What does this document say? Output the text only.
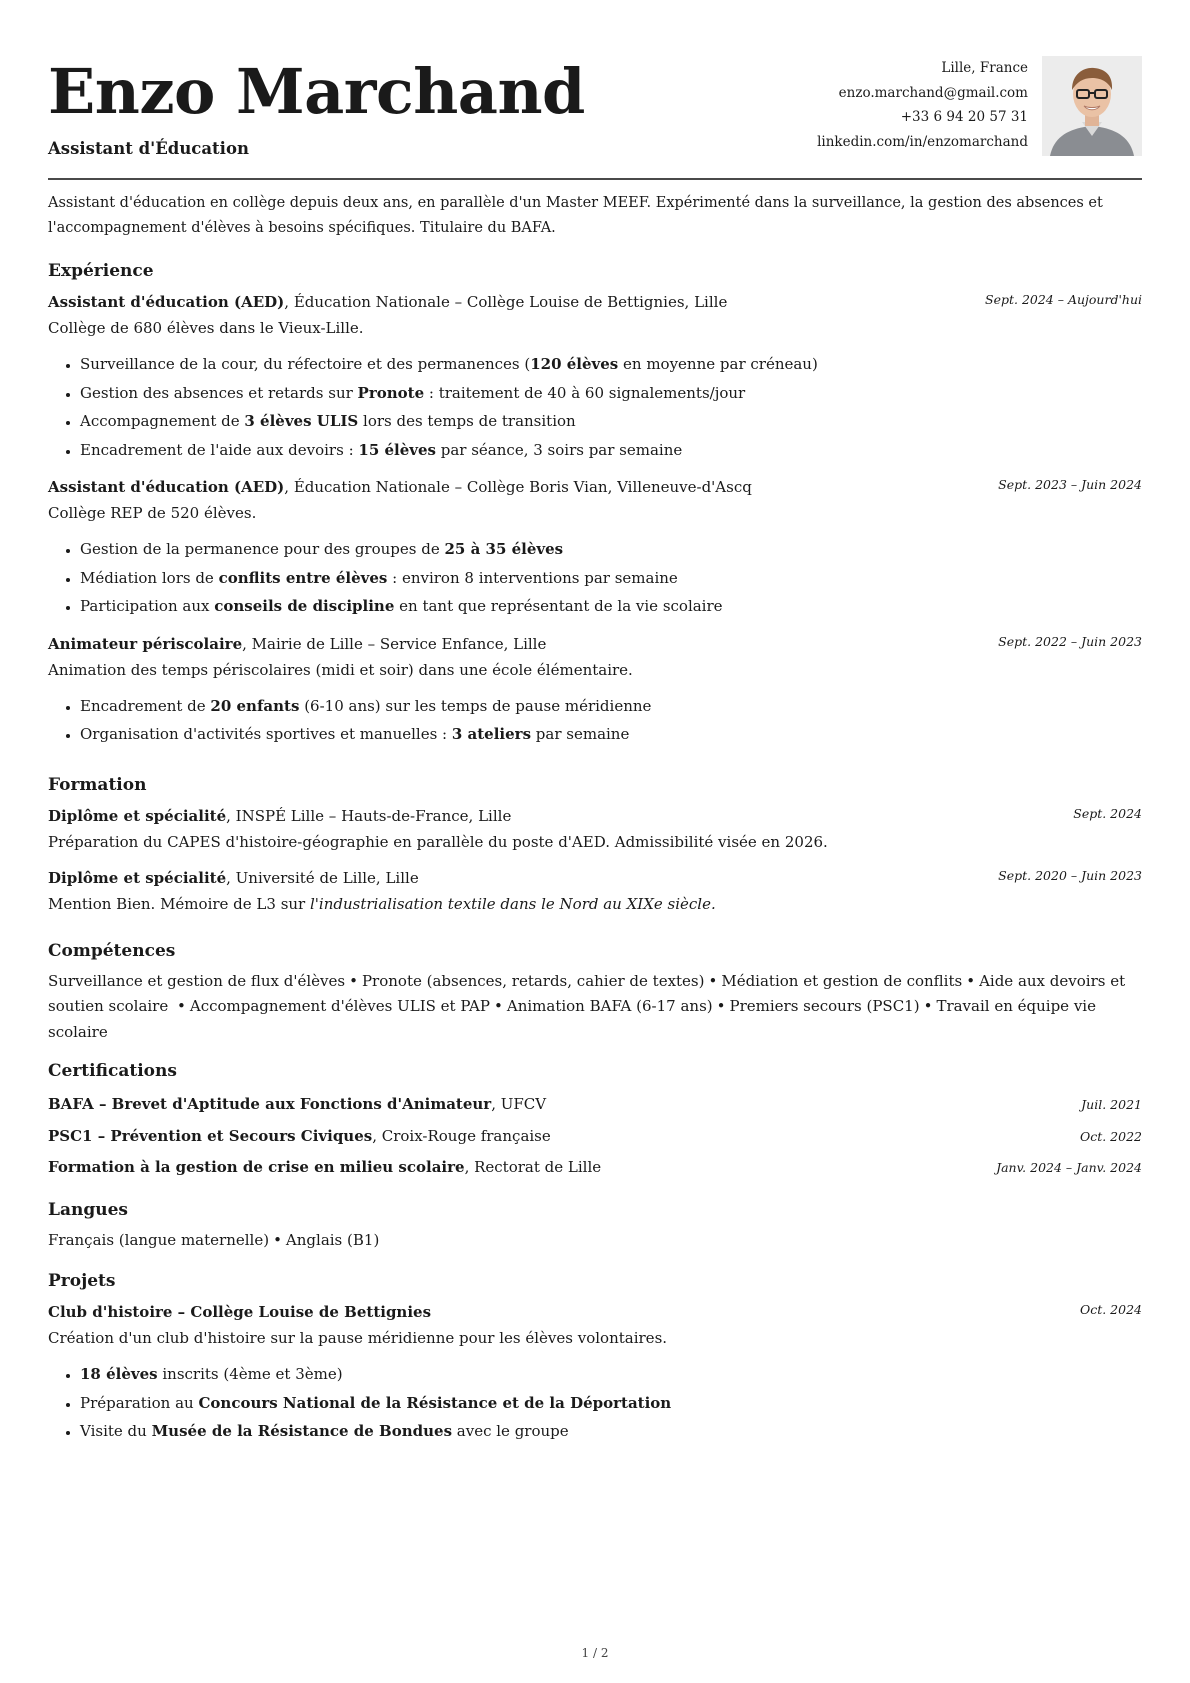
Enzo Marchand
Assistant d'Éducation
Lille, France
enzo.marchand@gmail.com
+33 6 94 20 57 31
linkedin.com/in/enzomarchand

Assistant d'éducation en collège depuis deux ans, en parallèle d'un Master MEEF. Expérimenté dans la surveillance, la gestion des absences et l'accompagnement d'élèves à besoins spécifiques. Titulaire du BAFA.

Expérience
Assistant d'éducation (AED), Éducation Nationale – Collège Louise de Bettignies, Lille	Sept. 2024 – Aujourd'hui
Collège de 680 élèves dans le Vieux-Lille.
• Surveillance de la cour, du réfectoire et des permanences (120 élèves en moyenne par créneau)
• Gestion des absences et retards sur Pronote : traitement de 40 à 60 signalements/jour
• Accompagnement de 3 élèves ULIS lors des temps de transition
• Encadrement de l'aide aux devoirs : 15 élèves par séance, 3 soirs par semaine
Assistant d'éducation (AED), Éducation Nationale – Collège Boris Vian, Villeneuve-d'Ascq	Sept. 2023 – Juin 2024
Collège REP de 520 élèves.
• Gestion de la permanence pour des groupes de 25 à 35 élèves
• Médiation lors de conflits entre élèves : environ 8 interventions par semaine
• Participation aux conseils de discipline en tant que représentant de la vie scolaire
Animateur périscolaire, Mairie de Lille – Service Enfance, Lille	Sept. 2022 – Juin 2023
Animation des temps périscolaires (midi et soir) dans une école élémentaire.
• Encadrement de 20 enfants (6-10 ans) sur les temps de pause méridienne
• Organisation d'activités sportives et manuelles : 3 ateliers par semaine
Formation
Diplôme et spécialité, INSPÉ Lille – Hauts-de-France, Lille	Sept. 2024
Préparation du CAPES d'histoire-géographie en parallèle du poste d'AED. Admissibilité visée en 2026.
Diplôme et spécialité, Université de Lille, Lille	Sept. 2020 – Juin 2023
Mention Bien. Mémoire de L3 sur l'industrialisation textile dans le Nord au XIXe siècle.
Compétences
Surveillance et gestion de flux d'élèves • Pronote (absences, retards, cahier de textes) • Médiation et gestion de conflits • Aide aux devoirs et soutien scolaire • Accompagnement d'élèves ULIS et PAP • Animation BAFA (6-17 ans) • Premiers secours (PSC1) • Travail en équipe vie scolaire
Certifications
BAFA – Brevet d'Aptitude aux Fonctions d'Animateur, UFCV	Juil. 2021
PSC1 – Prévention et Secours Civiques, Croix-Rouge française	Oct. 2022
Formation à la gestion de crise en milieu scolaire, Rectorat de Lille	Janv. 2024 – Janv. 2024
Langues
Français (langue maternelle) • Anglais (B1)
Projets
Club d'histoire – Collège Louise de Bettignies	Oct. 2024
Création d'un club d'histoire sur la pause méridienne pour les élèves volontaires.
• 18 élèves inscrits (4ème et 3ème)
• Préparation au Concours National de la Résistance et de la Déportation
• Visite du Musée de la Résistance de Bondues avec le groupe
1 / 2
